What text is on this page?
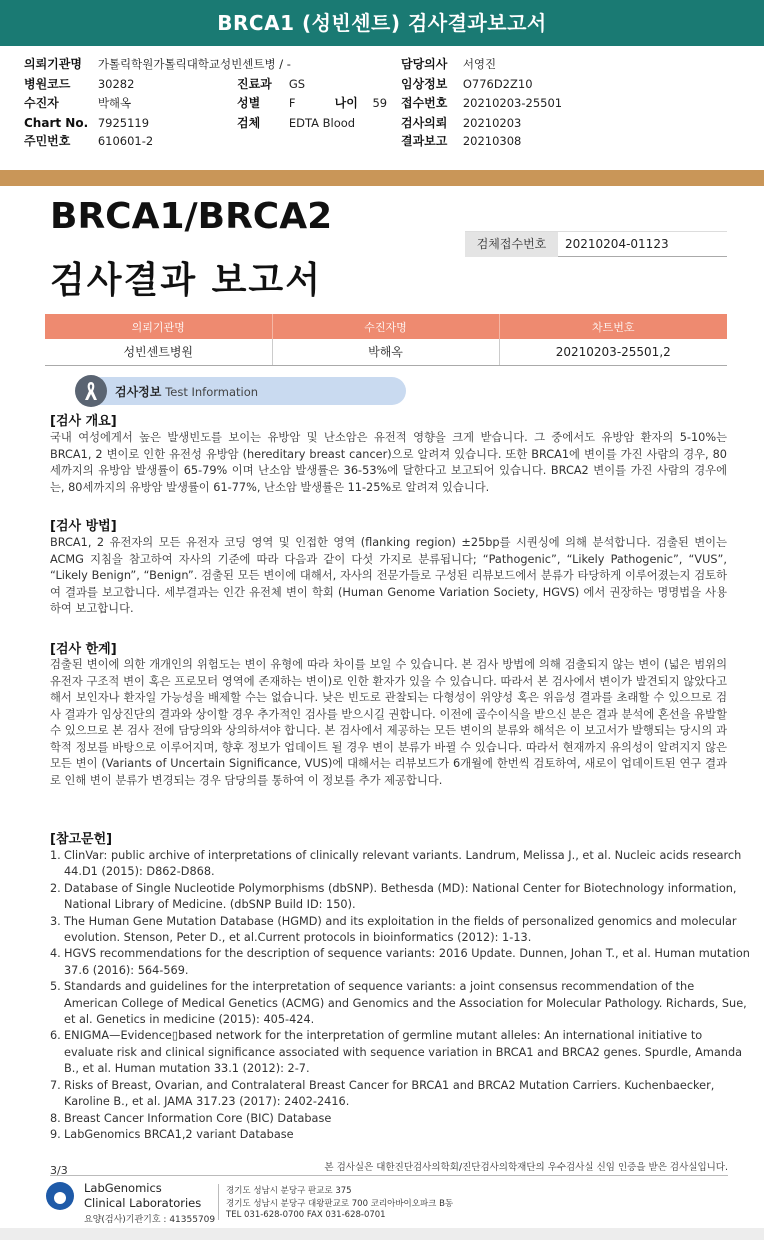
BRCA1 (성빈센트) 검사결과보고서
의뢰기관명 가톨릭학원가톨릭대학교성빈센트병 / -
병원코드 30282
수진자	박해옥
Chart No. 7925119
주민번호 610601-2
진료과 GS
성별 F	나이 59
검체 EDTA Blood
담당의사 서영진
임상정보 O776D2Z10
접수번호 20210203-25501
검사의뢰 20210203
결과보고 20210308
BRCA1/BRCA2
검사결과 보고서
검체접수번호	20210204-01123
의뢰기관명	수진자명	차트번호
성빈센트병원	박해옥	20210203-25501,2
검사정보 Test Information
[검사 개요]
국내 여성에게서 높은 발생빈도를 보이는 유방암 및 난소암은 유전적 영향을 크게 받습니다. 그 중에서도 유방암 환자의 5-10%는 BRCA1, 2 변이로 인한 유전성 유방암 (hereditary breast cancer)으로 알려져 있습니다. 또한 BRCA1에 변이를 가진 사람의 경우, 80세까지의 유방암 발생률이 65-79% 이며 난소암 발생률은 36-53%에 달한다고 보고되어 있습니다. BRCA2 변이를 가진 사람의 경우에는, 80세까지의 유방암 발생률이 61-77%, 난소암 발생률은 11-25%로 알려져 있습니다.
[검사 방법]
BRCA1, 2 유전자의 모든 유전자 코딩 영역 및 인접한 영역 (flanking region) ±25bp를 시퀀싱에 의해 분석합니다. 검출된 변이는 ACMG 지침을 참고하여 자사의 기준에 따라 다음과 같이 다섯 가지로 분류됩니다; “Pathogenic”, “Likely Pathogenic”, “VUS”, “Likely Benign”, “Benign”. 검출된 모든 변이에 대해서, 자사의 전문가들로 구성된 리뷰보드에서 분류가 타당하게 이루어졌는지 검토하여 결과를 보고합니다. 세부결과는 인간 유전체 변이 학회 (Human Genome Variation Society, HGVS) 에서 권장하는 명명법을 사용하여 보고합니다.
[검사 한계]
검출된 변이에 의한 개개인의 위험도는 변이 유형에 따라 차이를 보일 수 있습니다. 본 검사 방법에 의해 검출되지 않는 변이 (넓은 범위의 유전자 구조적 변이 혹은 프로모터 영역에 존재하는 변이)로 인한 환자가 있을 수 있습니다. 따라서 본 검사에서 변이가 발견되지 않았다고 해서 보인자나 환자일 가능성을 배제할 수는 없습니다. 낮은 빈도로 관찰되는 다형성이 위양성 혹은 위음성 결과를 초래할 수 있으므로 검사 결과가 임상진단의 결과와 상이할 경우 추가적인 검사를 받으시길 권합니다. 이전에 골수이식을 받으신 분은 결과 분석에 혼선을 유발할 수 있으므로 본 검사 전에 담당의와 상의하셔야 합니다. 본 검사에서 제공하는 모든 변이의 분류와 해석은 이 보고서가 발행되는 당시의 과학적 정보를 바탕으로 이루어지며, 향후 정보가 업데이트 될 경우 변이 분류가 바뀔 수 있습니다. 따라서 현재까지 유의성이 알려지지 않은 모든 변이 (Variants of Uncertain Significance, VUS)에 대해서는 리뷰보드가 6개월에 한번씩 검토하여, 새로이 업데이트된 연구 결과로 인해 변이 분류가 변경되는 경우 담당의를 통하여 이 정보를 추가 제공합니다.
[참고문헌]
1. ClinVar: public archive of interpretations of clinically relevant variants. Landrum, Melissa J., et al. Nucleic acids research 44.D1 (2015): D862-D868.
2. Database of Single Nucleotide Polymorphisms (dbSNP). Bethesda (MD): National Center for Biotechnology information, National Library of Medicine. (dbSNP Build ID: 150).
3. The Human Gene Mutation Database (HGMD) and its exploitation in the fields of personalized genomics and molecular evolution. Stenson, Peter D., et al.Current protocols in bioinformatics (2012): 1-13.
4. HGVS recommendations for the description of sequence variants: 2016 Update. Dunnen, Johan T., et al. Human mutation 37.6 (2016): 564-569.
5. Standards and guidelines for the interpretation of sequence variants: a joint consensus recommendation of the American College of Medical Genetics (ACMG) and Genomics and the Association for Molecular Pathology. Richards, Sue, et al. Genetics in medicine (2015): 405-424.
6. ENIGMA—Evidence▯based network for the interpretation of germline mutant alleles: An international initiative to evaluate risk and clinical significance associated with sequence variation in BRCA1 and BRCA2 genes. Spurdle, Amanda B., et al. Human mutation 33.1 (2012): 2-7.
7. Risks of Breast, Ovarian, and Contralateral Breast Cancer for BRCA1 and BRCA2 Mutation Carriers. Kuchenbaecker, Karoline B., et al. JAMA 317.23 (2017): 2402-2416.
8. Breast Cancer Information Core (BIC) Database
9. LabGenomics BRCA1,2 variant Database
본 검사실은 대한진단검사의학회/진단검사의학재단의 우수검사실 신임 인증을 받은 검사실입니다.
3/3
LabGenomics
Clinical Laboratories
요양(검사)기관기호 : 41355709
경기도 성남시 분당구 판교로 375
경기도 성남시 분당구 대왕판교로 700 코리아바이오파크 B동
TEL 031-628-0700 FAX 031-628-0701
